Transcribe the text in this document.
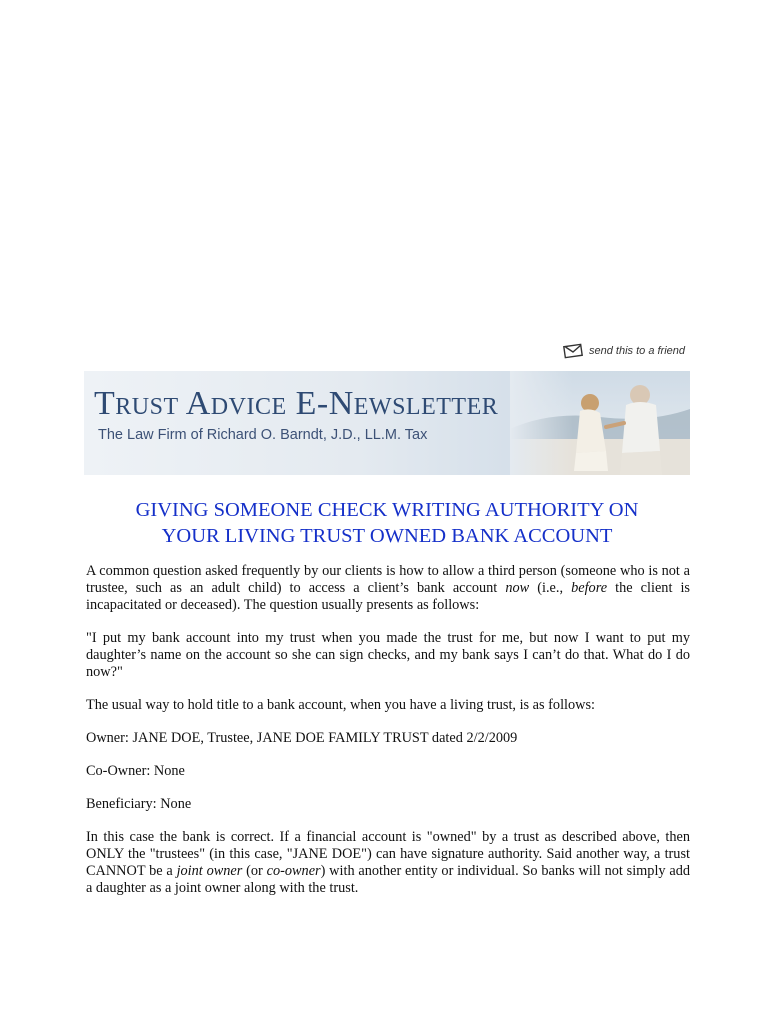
send this to a friend
Trust Advice E-Newsletter
The Law Firm of Richard O. Barndt, J.D., LL.M. Tax
GIVING SOMEONE CHECK WRITING AUTHORITY ON
YOUR LIVING TRUST OWNED BANK ACCOUNT

A common question asked frequently by our clients is how to allow a third person (someone who is not a trustee, such as an adult child) to access a client’s bank account now (i.e., before the client is incapacitated or deceased). The question usually presents as follows:

"I put my bank account into my trust when you made the trust for me, but now I want to put my daughter’s name on the account so she can sign checks, and my bank says I can’t do that. What do I do now?"

The usual way to hold title to a bank account, when you have a living trust, is as follows:

Owner: JANE DOE, Trustee, JANE DOE FAMILY TRUST dated 2/2/2009

Co-Owner: None

Beneficiary: None

In this case the bank is correct. If a financial account is "owned" by a trust as described above, then ONLY the "trustees" (in this case, "JANE DOE") can have signature authority. Said another way, a trust CANNOT be a joint owner (or co-owner) with another entity or individual. So banks will not simply add a daughter as a joint owner along with the trust.
